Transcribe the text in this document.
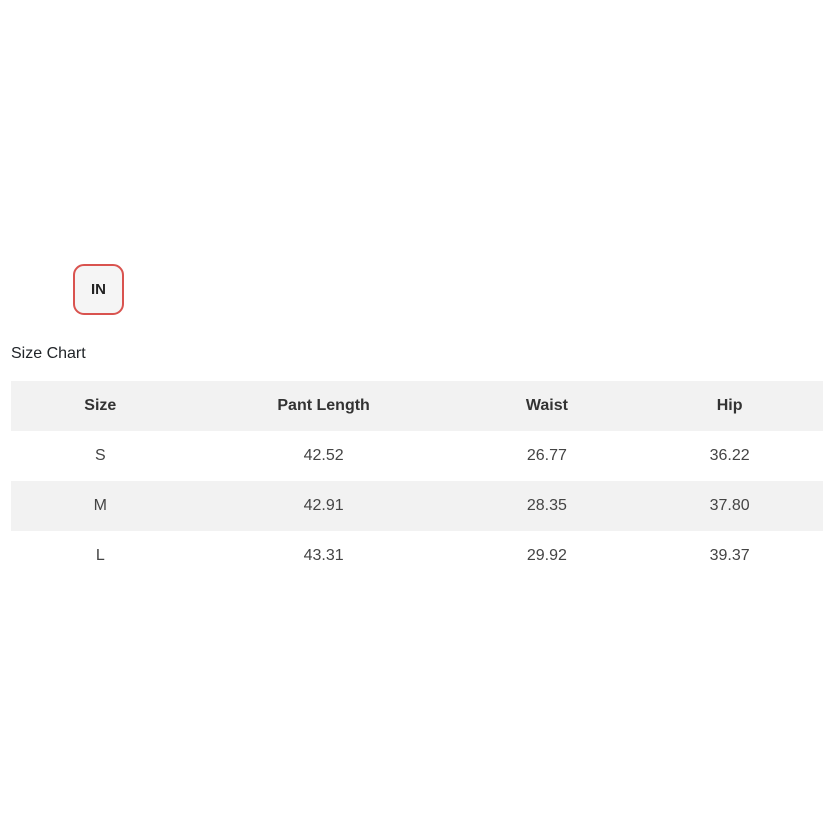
IN
Size Chart
Size	Pant Length	Waist	Hip
S	42.52	26.77	36.22
M	42.91	28.35	37.80
L	43.31	29.92	39.37
